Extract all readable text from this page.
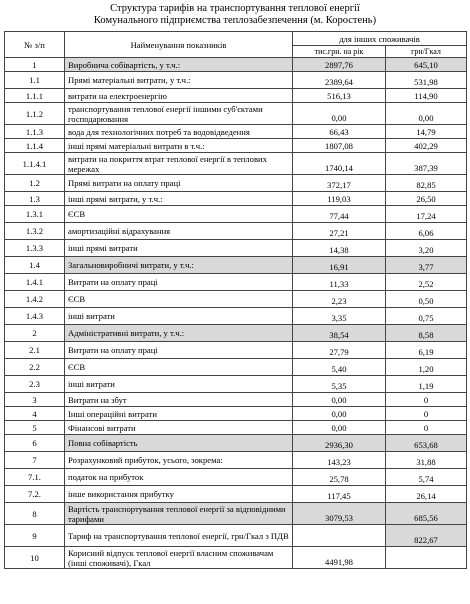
Структура тарифів на транспортування теплової енергії
Комунального підприємства теплозабезпечення (м. Коростень)
№ з/п	Найменування показників	для інших споживачів	
		тис.грн. на рік	грн/Гкал
1	Виробнича собівартість, у т.ч.:	2897,76	645,10
1.1	Прямі матеріальні витрати, у т.ч.:	2389,64	531,98
1.1.1	витрати на електроенергію	516,13	114,90
1.1.2	транспортування теплової енергії іншими суб'єктами господарювання	0,00	0,00
1.1.3	вода для технологічних потреб та водовідведення	66,43	14,79
1.1.4	інші прямі матеріальні витрати в т.ч.:	1807,08	402,29
1.1.4.1	витрати на покриття втрат теплової енергії в теплових мережах	1740,14	387,39
1.2	Прямі витрати на оплату праці	372,17	82,85
1.3	інші прямі витрати, у т.ч.:	119,03	26,50
1.3.1	ЄСВ	77,44	17,24
1.3.2	амортизаційні відрахування	27,21	6,06
1.3.3	інші прямі витрати	14,38	3,20
1.4	Загальновиробничі витрати, у т.ч.:	16,91	3,77
1.4.1	Витрати на оплату праці	11,33	2,52
1.4.2	ЄСВ	2,23	0,50
1.4.3	інші витрати	3,35	0,75
2	Адміністративні витрати, у т.ч.:	38,54	8,58
2.1	Витрати на оплату праці	27,79	6,19
2.2	ЄСВ	5,40	1,20
2.3	інші витрати	5,35	1,19
3	Витрати на збут	0,00	0
4	Інші операційні витрати	0,00	0
5	Фінансові витрати	0,00	0
6	Повна собівартість	2936,30	653,68
7	Розрахунковий прибуток, усього, зокрема:	143,23	31,88
7.1.	податок на прибуток	25,78	5,74
7.2.	інше використання прибутку	117,45	26,14
8	Вартість транспортування теплової енергії за відповідними тарифами	3079,53	685,56
9	Тариф на транспортування теплової енергії, грн/Гкал з ПДВ		822,67
10	Корисний відпуск теплової енергії власним споживачам (інші споживачі), Гкал	4491,98	
